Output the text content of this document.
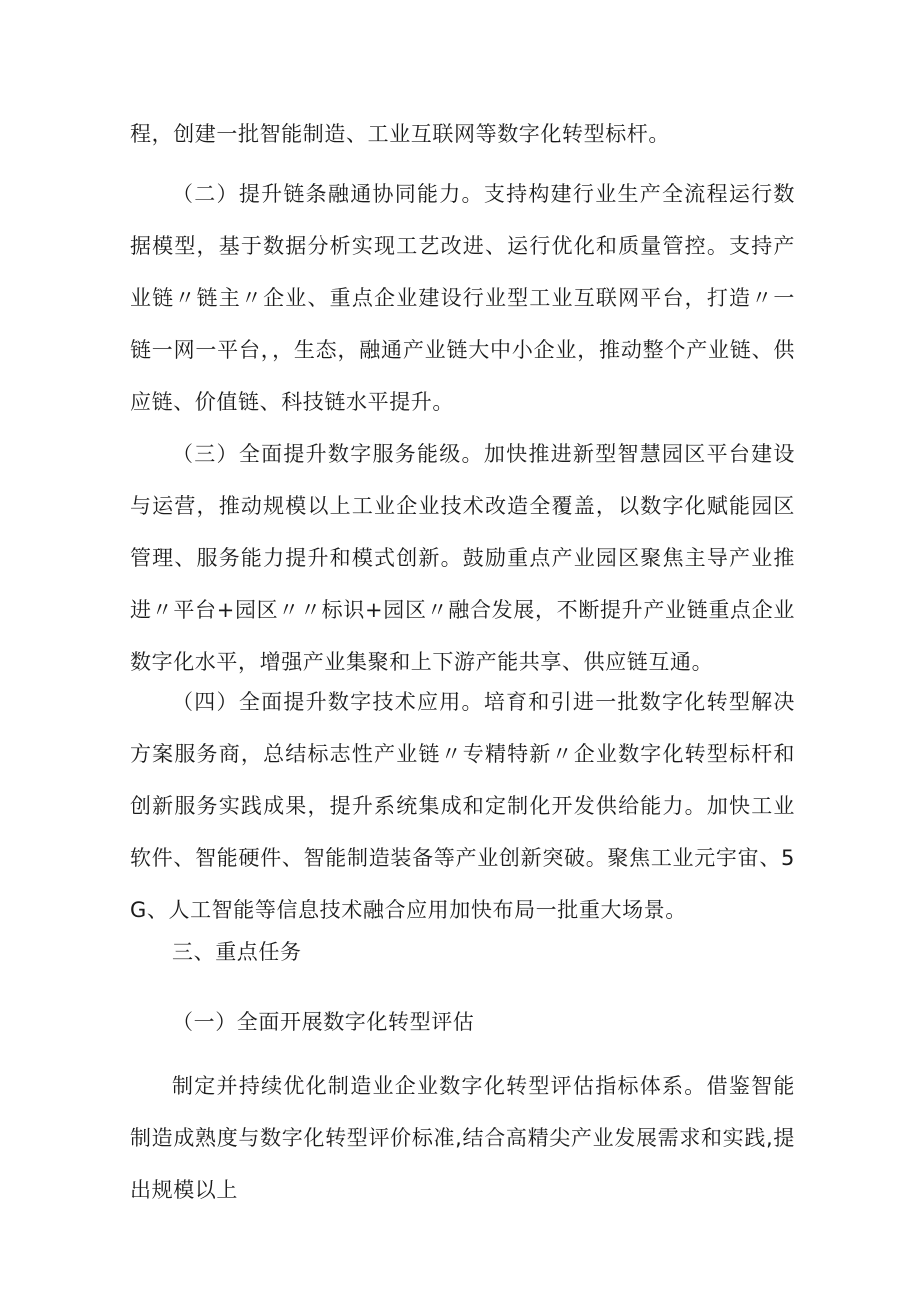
程，创建一批智能制造、工业互联网等数字化转型标杆。

（二）提升链条融通协同能力。支持构建行业生产全流程运行数据模型，基于数据分析实现工艺改进、运行优化和质量管控。支持产业链〃链主〃企业、重点企业建设行业型工业互联网平台，打造〃一链一网一平台，，生态，融通产业链大中小企业，推动整个产业链、供应链、价值链、科技链水平提升。

（三）全面提升数字服务能级。加快推进新型智慧园区平台建设与运营，推动规模以上工业企业技术改造全覆盖，以数字化赋能园区管理、服务能力提升和模式创新。鼓励重点产业园区聚焦主导产业推进〃平台+园区〃〃标识+园区〃融合发展，不断提升产业链重点企业数字化水平，增强产业集聚和上下游产能共享、供应链互通。

（四）全面提升数字技术应用。培育和引进一批数字化转型解决方案服务商，总结标志性产业链〃专精特新〃企业数字化转型标杆和创新服务实践成果，提升系统集成和定制化开发供给能力。加快工业软件、智能硬件、智能制造装备等产业创新突破。聚焦工业元宇宙、5G、人工智能等信息技术融合应用加快布局一批重大场景。

三、重点任务

（一）全面开展数字化转型评估

制定并持续优化制造业企业数字化转型评估指标体系。借鉴智能制造成熟度与数字化转型评价标准,结合高精尖产业发展需求和实践,提出规模以上
